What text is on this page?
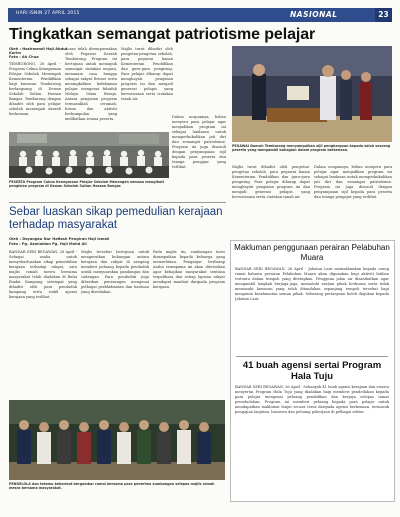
HARI ISNIN 27 APRIL 2015	NASIONAL	23
Tingkatkan semangat patriotisme pelajar
Oleh : Hazirwandi Haji Abdul Karim
Foto : Ah Chua

TEMBURONG, 26 April - Program Cakna Kenegaraan Pelajar Sekolah Menengah Kementerian Pendidikan bagi kawasan Temburong berlangsung di Dewan Sekolah Sultan Hassan Bangar, Temburong dengan dihadiri oleh para pelajar sekolah menengah daerah berkenaan.

Acara telah disempurnakan oleh Pegawai Daerah Temburong. Program ini bertujuan untuk memupuk semangat cintakan negara, menanam rasa bangga sebagai rakyat Brunei serta meningkatkan kefahaman pelajar mengenai falsafah Melayu Islam Beraja. Antara pengisian program termasuklah ceramah, forum dan aktiviti berkumpulan yang melibatkan semua peserta.

Majlis turut dihadiri oleh pengetua-pengetua sekolah, para pegawai kanan Kementerian Pendidikan dan guru-guru pengiring. Para pelajar diharap dapat menghayati pengisian program ini dan menjadi generasi pelapis yang berwawasan serta cintakan tanah air.

Dalam ucapannya, beliau menyeru para pelajar agar menjadikan program ini sebagai landasan untuk memperkukuhkan jati diri dan semangat patriotisme. Program ini juga disusuli dengan penyampaian sijil kepada para peserta dan tenaga pengajar yang terlibat.

PESERTA Program Cakna Kenegaraan Pelajar Sekolah Menengah semasa mengikuti pengisian program di Dewan Sekolah Sultan Hassan Bangar.
PEGAWAI Daerah Temburong menyampaikan sijil penghargaan kepada salah seorang peserta yang mengambil bahagian dalam program berkenaan.

Majlis turut dihadiri oleh pengetua-pengetua sekolah, para pegawai kanan Kementerian Pendidikan dan guru-guru pengiring. Para pelajar diharap dapat menghayati pengisian program ini dan menjadi generasi pelapis yang berwawasan serta cintakan tanah air.

Dalam ucapannya, beliau menyeru para pelajar agar menjadikan program ini sebagai landasan untuk memperkukuhkan jati diri dan semangat patriotisme. Program ini juga disusuli dengan penyampaian sijil kepada para peserta dan tenaga pengajar yang terlibat.

Sebar luaskan sikap pemedulian kerajaan terhadap masyarakat
Oleh : Dayangku Nur Hafizah Pengiran Haji Ismail
Foto : Pg. Azmialdon Pg. Haji Mohd Ali

BANDAR SERI BEGAWAN, 26 April - Sebagai usaha untuk menyebarluaskan sikap pemedulian kerajaan terhadap rakyat, satu majlis ramah mesra bersama masyarakat telah diadakan di Balai Ibadat Kampung setempat yang dihadiri oleh para penduduk kampung serta wakil agensi kerajaan yang terlibat.

Majlis tersebut bertujuan untuk mengeratkan hubungan antara kerajaan dan rakyat di samping memberi peluang kepada penduduk untuk menyuarakan pandangan dan cadangan. Para penduduk juga diberikan penerangan mengenai pelbagai perkhidmatan dan bantuan yang disediakan.

Pada majlis itu, sumbangan turut disampaikan kepada keluarga yang memerlukan. Penganjur berharap usaha seumpama ini akan diteruskan agar kebajikan masyarakat sentiasa terpelihara dan setiap lapisan rakyat mendapat manfaat daripada program kerajaan.

PENGELOLA dan tetamu kehormat bergambar ramai bersama para penerima sumbangan selepas majlis ramah mesra bersama masyarakat.
Makluman penggunaan perairan Pelabuhan Muara

BANDAR SERI BEGAWAN, 26 April - Jabatan Laut memaklumkan kepada orang ramai bahawa perairan Pelabuhan Muara akan digunakan bagi aktiviti latihan tertentu dalam tempoh yang ditetapkan. Pengguna jalan air dinasihatkan agar mengambil langkah berjaga-jaga, mematuhi arahan pihak berkuasa serta tidak memasuki kawasan yang telah ditandakan sepanjang tempoh tersebut bagi menjamin keselamatan semua pihak. Sebarang pertanyaan boleh diajukan kepada Jabatan Laut.

41 buah agensi sertai Program Hala Tuju

BANDAR SERI BEGAWAN, 26 April - Sebanyak 41 buah agensi kerajaan dan swasta menyertai Program Hala Tuju yang diadakan bagi memberi pendedahan kepada para pelajar mengenai peluang pendidikan dan kerjaya selepas tamat persekolahan. Program ini memberi peluang kepada para pelajar untuk mendapatkan maklumat lanjut secara terus daripada agensi berkenaan, termasuk pengajian lanjutan, biasiswa dan peluang pekerjaan di pelbagai sektor.
